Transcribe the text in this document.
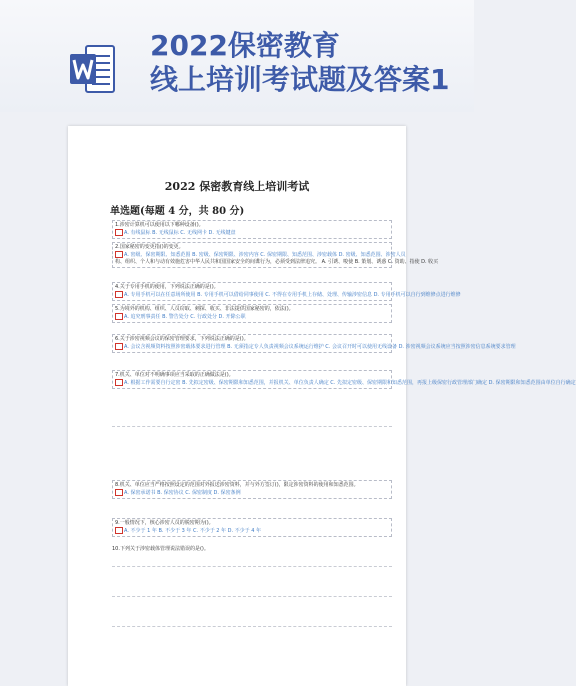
2022保密教育
线上培训考试题及答案1
2022 保密教育线上培训考试
单选题(每题 4 分，共 80 分)
1.涉密计算机可以使用以下哪种设备()。
A. 有线鼠标 B. 无线鼠标 C. 无线网卡 D. 无线键盘
2.国家秘密的变更指()的变更。
A. 密级、保密期限、知悉范围 B. 密级、保密期限、涉密内容 C. 保密期限、知悉范围、涉密载体 D. 密级、知悉范围、涉密人员
构、组织、个人和与动有效施危害中华人民共和国国家安全的间谍行为，必须受到法律追究。 A. 引诱、唆使 B. 策划、诱惑 C. 资助、指使 D. 收买
4.关于专用手机的使用，下列说法正确的是()。
A. 专用手机可以在任意场所使用 B. 专用手机可以借给同事使用 C. 不得在专用手机上存储、处理、传输涉密信息 D. 专用手机可以自行到维修点进行维修
5.为境外的机构、组织、人员窃取、刺探、收买、非法提供国家秘密的，依法()。
A. 追究刑事责任 B. 警告处分 C. 行政处分 D. 开除公职
6.关于涉密视频会议的保密管理要求，下列说法正确的是()。
A. 会议含视频资料按照涉密载体要求进行管理 B. 无须指定专人负责视频会议系统运行维护 C. 会议召开时可以使用无线设备 D. 涉密视频会议系统应当按照涉密信息系统要求管理
7.机关、单位对不明确事项应当采取的正确做法是()。
A. 根据工作需要自行定密 B. 先拟定密级、保密期限和知悉范围，并报机关、单位负责人确定 C. 先拟定密级、保密期限和知悉范围，再报上级保密行政管理部门确定 D. 保密期限和知悉范围由单位自行确定
8.机关、单位应当严格按照设定的范围对外报送涉密资料，并与外方签订()，限定涉密资料的使用和知悉范围。
A. 保密承诺书 B. 保密协议 C. 保密制度 D. 保密条例
9.一般情况下，核心涉密人员的脱密期为()。
A. 不少于 1 年 B. 不少于 3 年 C. 不少于 2 年 D. 不少于 4 年
10.下列关于涉密载体管理说法错误的是()。
